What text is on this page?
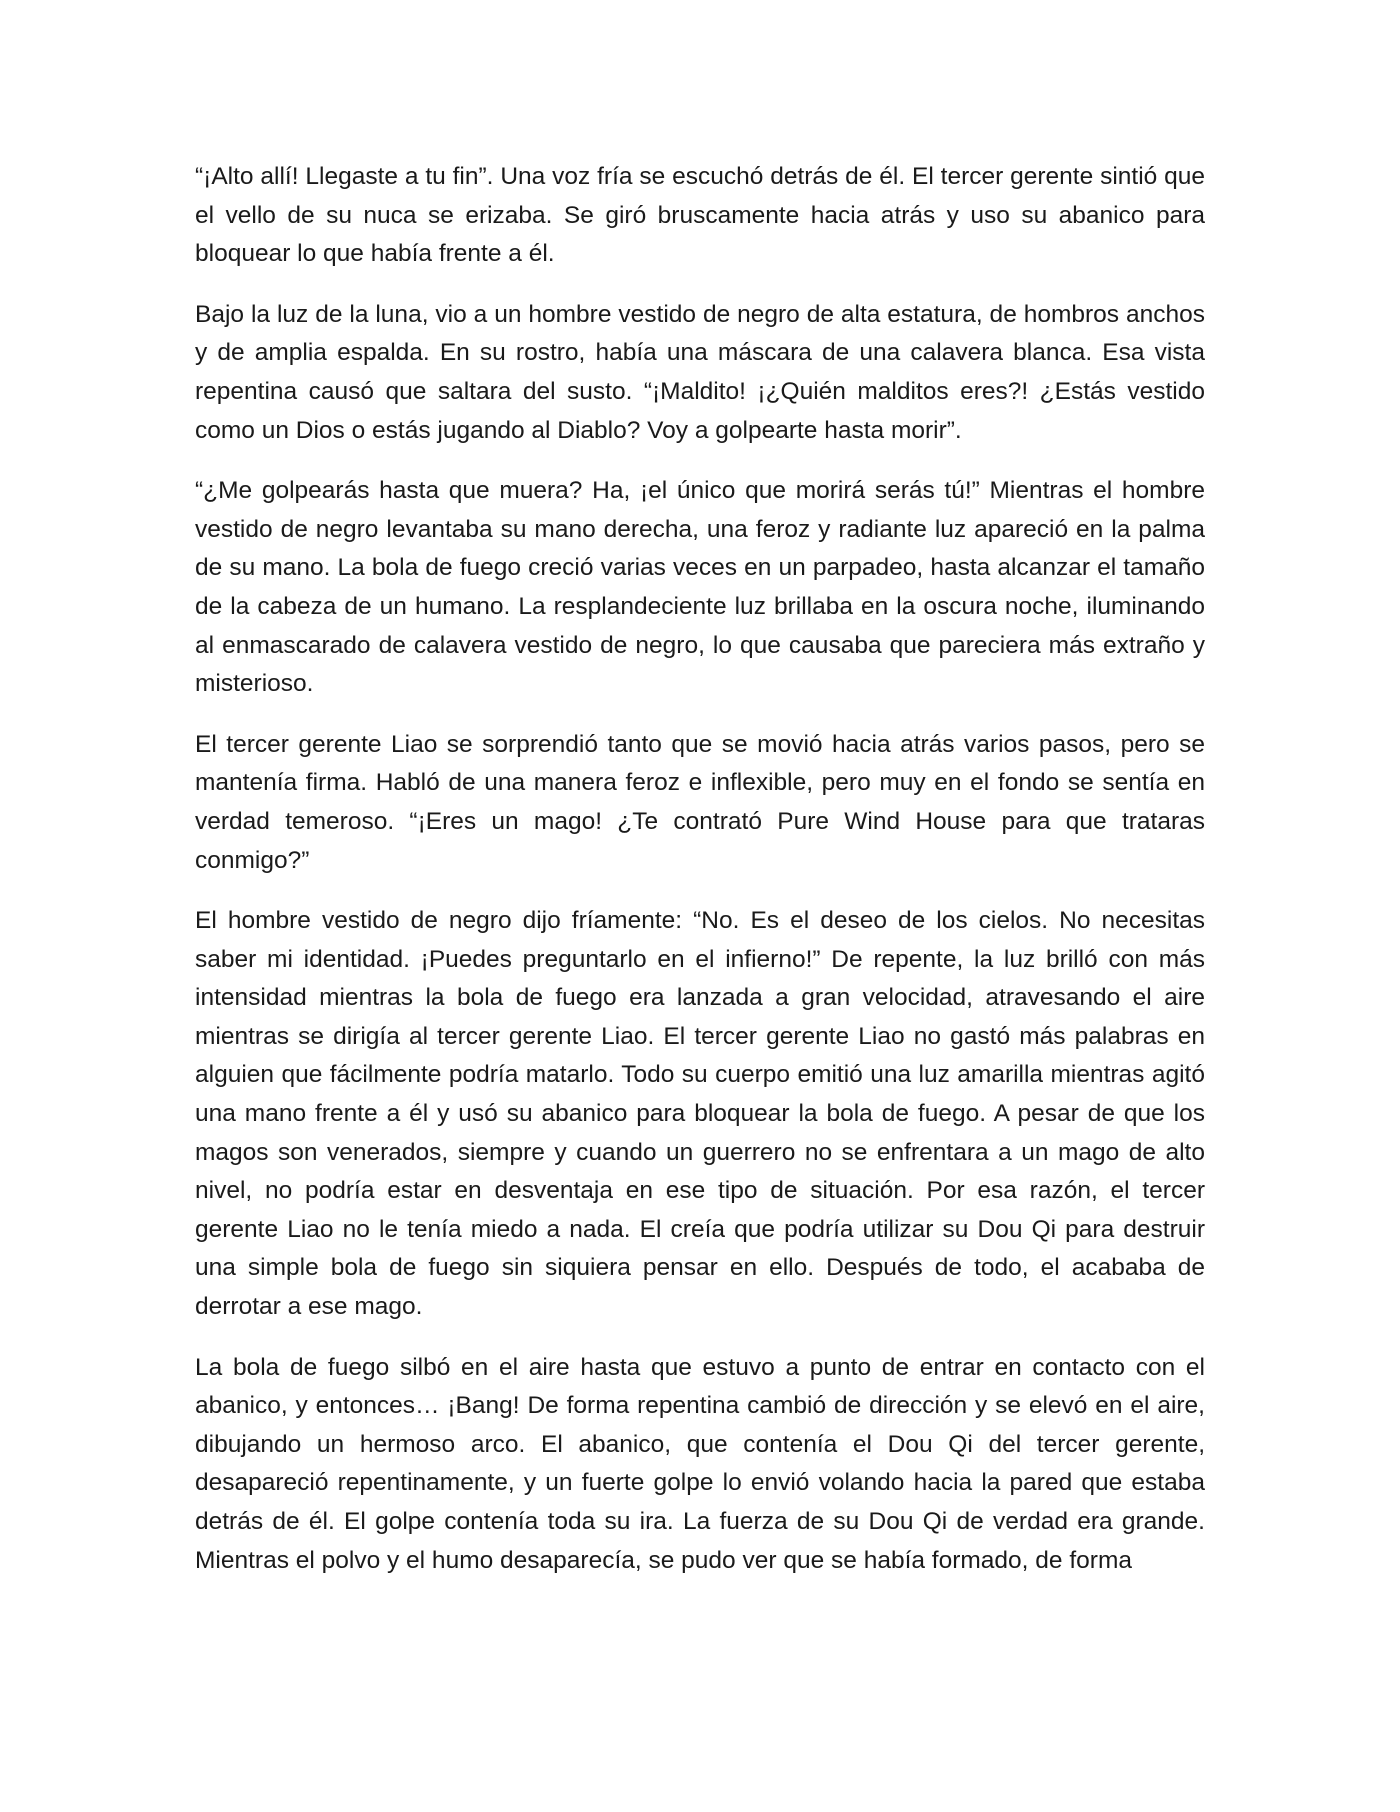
“¡Alto allí! Llegaste a tu fin”. Una voz fría se escuchó detrás de él. El tercer gerente sintió que el vello de su nuca se erizaba. Se giró bruscamente hacia atrás y uso su abanico para bloquear lo que había frente a él.

Bajo la luz de la luna, vio a un hombre vestido de negro de alta estatura, de hombros anchos y de amplia espalda. En su rostro, había una máscara de una calavera blanca. Esa vista repentina causó que saltara del susto. “¡Maldito! ¡¿Quién malditos eres?! ¿Estás vestido como un Dios o estás jugando al Diablo? Voy a golpearte hasta morir”.

“¿Me golpearás hasta que muera? Ha, ¡el único que morirá serás tú!” Mientras el hombre vestido de negro levantaba su mano derecha, una feroz y radiante luz apareció en la palma de su mano. La bola de fuego creció varias veces en un parpadeo, hasta alcanzar el tamaño de la cabeza de un humano. La resplandeciente luz brillaba en la oscura noche, iluminando al enmascarado de calavera vestido de negro, lo que causaba que pareciera más extraño y misterioso.

El tercer gerente Liao se sorprendió tanto que se movió hacia atrás varios pasos, pero se mantenía firma. Habló de una manera feroz e inflexible, pero muy en el fondo se sentía en verdad temeroso. “¡Eres un mago! ¿Te contrató Pure Wind House para que trataras conmigo?”

El hombre vestido de negro dijo fríamente: “No. Es el deseo de los cielos. No necesitas saber mi identidad. ¡Puedes preguntarlo en el infierno!” De repente, la luz brilló con más intensidad mientras la bola de fuego era lanzada a gran velocidad, atravesando el aire mientras se dirigía al tercer gerente Liao. El tercer gerente Liao no gastó más palabras en alguien que fácilmente podría matarlo. Todo su cuerpo emitió una luz amarilla mientras agitó una mano frente a él y usó su abanico para bloquear la bola de fuego. A pesar de que los magos son venerados, siempre y cuando un guerrero no se enfrentara a un mago de alto nivel, no podría estar en desventaja en ese tipo de situación. Por esa razón, el tercer gerente Liao no le tenía miedo a nada. El creía que podría utilizar su Dou Qi para destruir una simple bola de fuego sin siquiera pensar en ello. Después de todo, el acababa de derrotar a ese mago.

La bola de fuego silbó en el aire hasta que estuvo a punto de entrar en contacto con el abanico, y entonces… ¡Bang! De forma repentina cambió de dirección y se elevó en el aire, dibujando un hermoso arco. El abanico, que contenía el Dou Qi del tercer gerente, desapareció repentinamente, y un fuerte golpe lo envió volando hacia la pared que estaba detrás de él. El golpe contenía toda su ira. La fuerza de su Dou Qi de verdad era grande. Mientras el polvo y el humo desaparecía, se pudo ver que se había formado, de forma
